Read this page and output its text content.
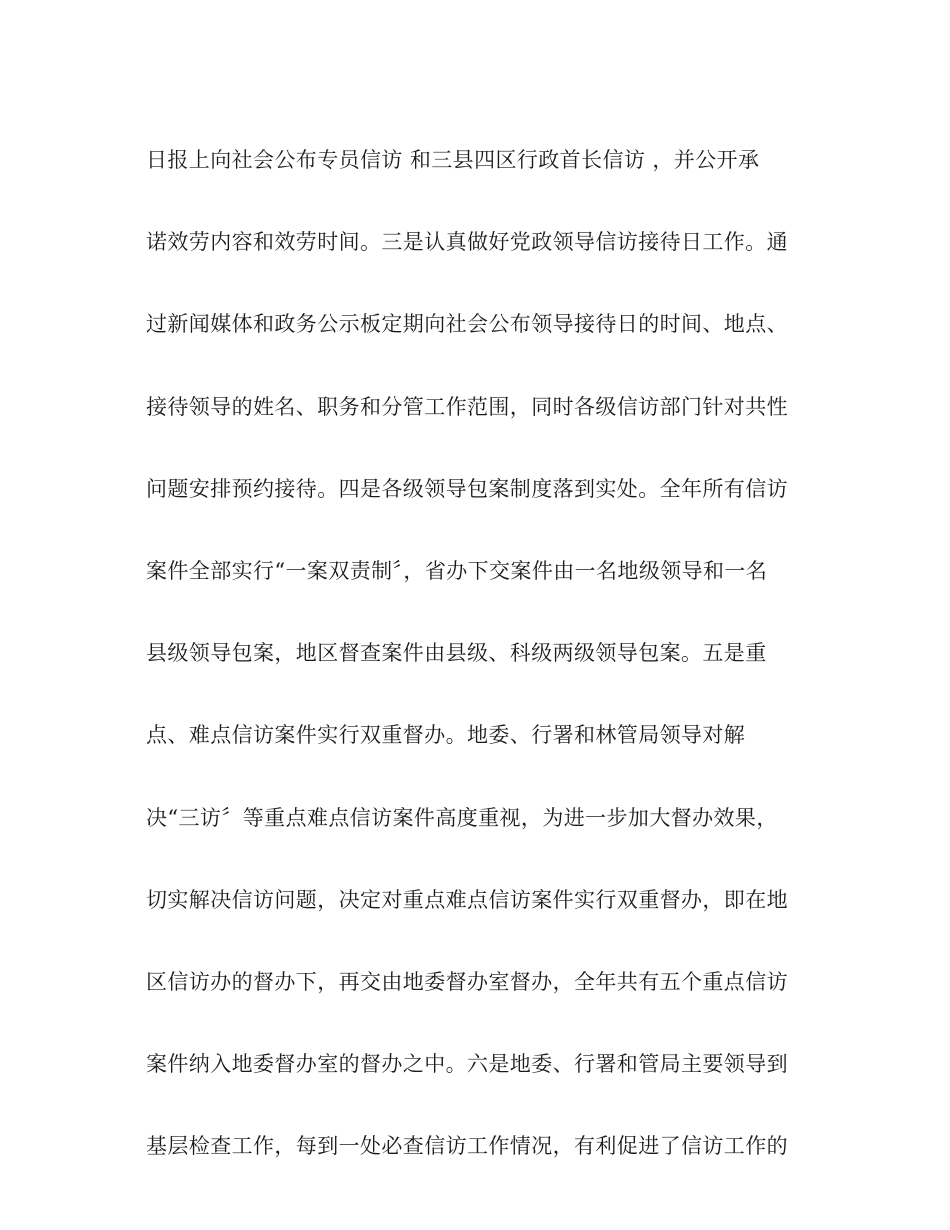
日报上向社会公布专员信访 和三县四区行政首长信访 ，并公开承
诺效劳内容和效劳时间。三是认真做好党政领导信访接待日工作。通
过新闻媒体和政务公示板定期向社会公布领导接待日的时间、地点、
接待领导的姓名、职务和分管工作范围，同时各级信访部门针对共性
问题安排预约接待。四是各级领导包案制度落到实处。全年所有信访
案件全部实行“一案双责制〞，省办下交案件由一名地级领导和一名
县级领导包案，地区督查案件由县级、科级两级领导包案。五是重
点、难点信访案件实行双重督办。地委、行署和林管局领导对解
决“三访〞等重点难点信访案件高度重视，为进一步加大督办效果，
切实解决信访问题，决定对重点难点信访案件实行双重督办，即在地
区信访办的督办下，再交由地委督办室督办，全年共有五个重点信访
案件纳入地委督办室的督办之中。六是地委、行署和管局主要领导到
基层检查工作，每到一处必查信访工作情况，有利促进了信访工作的
